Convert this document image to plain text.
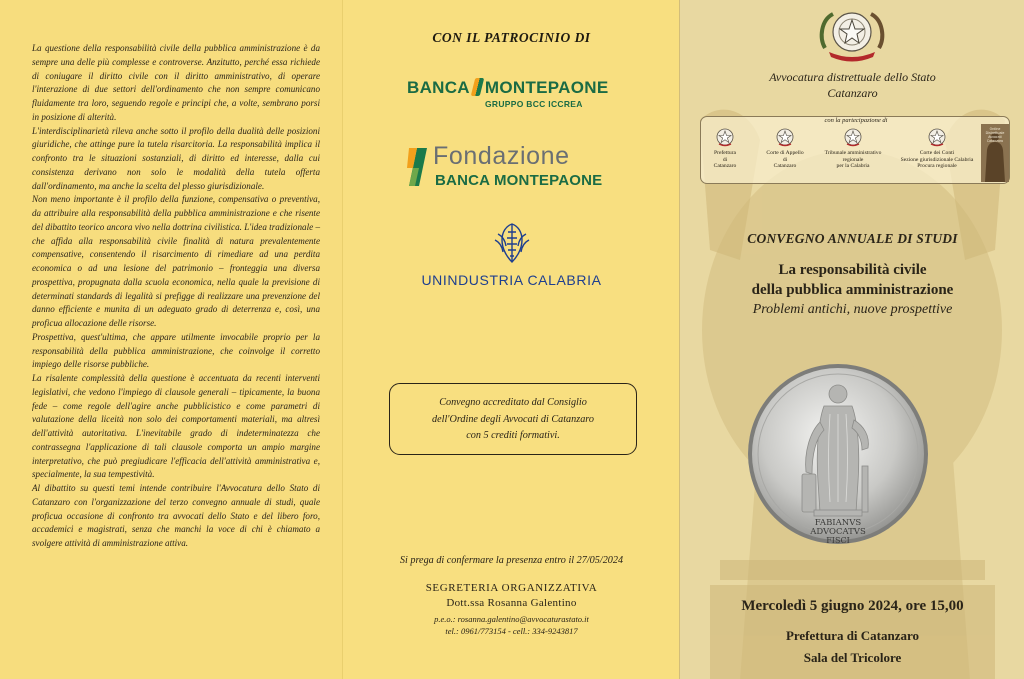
La questione della responsabilità civile della pubblica amministrazione è da sempre una delle più complesse e controverse. Anzitutto, perché essa richiede di coniugare il diritto civile con il diritto amministrativo, di operare l'interazione di due settori dell'ordinamento che non sempre comunicano fluidamente tra loro, seguendo regole e principi che, a volte, sembrano porsi in posizione di alterità.

L'interdisciplinarietà rileva anche sotto il profilo della dualità delle posizioni giuridiche, che attinge pure la tutela risarcitoria. La responsabilità implica il confronto tra le situazioni sostanziali, di diritto ed interesse, dalla cui consistenza derivano non solo le modalità della tutela offerta dall'ordinamento, ma anche la scelta del plesso giurisdizionale.

Non meno importante è il profilo della funzione, compensativa o preventiva, da attribuire alla responsabilità della pubblica amministrazione e che risente del dibattito teorico ancora vivo nella dottrina civilistica. L'idea tradizionale – che affida alla responsabilità civile finalità di natura prevalentemente compensative, consentendo il risarcimento di rimediare ad una perdita economica o ad una lesione del patrimonio – fronteggia una diversa prospettiva, propugnata dalla scuola economica, nella quale la previsione di determinati standards di legalità si prefigge di realizzare una prevenzione del danno efficiente e munita di un adeguato grado di deterrenza e, così, una proficua allocazione delle risorse.

Prospettiva, quest'ultima, che appare utilmente invocabile proprio per la responsabilità della pubblica amministrazione, che coinvolge il corretto impiego delle risorse pubbliche.

La risalente complessità della questione è accentuata da recenti interventi legislativi, che vedono l'impiego di clausole generali – tipicamente, la buona fede – come regole dell'agire anche pubblicistico e come parametri di valutazione della liceità non solo dei comportamenti materiali, ma altresì dell'attività autoritativa. L'inevitabile grado di indeterminatezza che contrassegna l'applicazione di tali clausole comporta un ampio margine interpretativo, che può pregiudicare l'efficacia dell'attività amministrativa e, specialmente, la sua tempestività.

Al dibattito su questi temi intende contribuire l'Avvocatura dello Stato di Catanzaro con l'organizzazione del terzo convegno annuale di studi, quale proficua occasione di confronto tra avvocati dello Stato e del libero foro, accademici e magistrati, senza che manchi la voce di chi è chiamato a svolgere attività di amministrazione attiva.

CON IL PATROCINIO DI
BANCA MONTEPAONE
GRUPPO BCC ICCREA
Fondazione
BANCA MONTEPAONE
UNINDUSTRIA CALABRIA
Convegno accreditato dal Consiglio
dell'Ordine degli Avvocati di Catanzaro
con 5 crediti formativi.
Si prega di confermare la presenza entro il 27/05/2024
SEGRETERIA ORGANIZZATIVA
Dott.ssa Rosanna Galentino
p.e.o.: rosanna.galentino@avvocaturastato.it
tel.: 0961/773154 - cell.: 334-9243817
Avvocatura distrettuale dello Stato
Catanzaro
con la partecipazione di
Prefettura
di
Catanzaro
Corte di Appello
di
Catanzaro
Tribunale amministrativo
regionale
per la Calabria
Corte dei Conti
Sezione giurisdizionale Calabria
Procura regionale
Ordine
Distrettuale
Avvocati
Catanzaro
CONVEGNO ANNUALE DI STUDI
La responsabilità civile
della pubblica amministrazione
Problemi antichi, nuove prospettive
FABIANVS
ADVOCATVS
FISCI
Mercoledì 5 giugno 2024, ore 15,00
Prefettura di Catanzaro
Sala del Tricolore
